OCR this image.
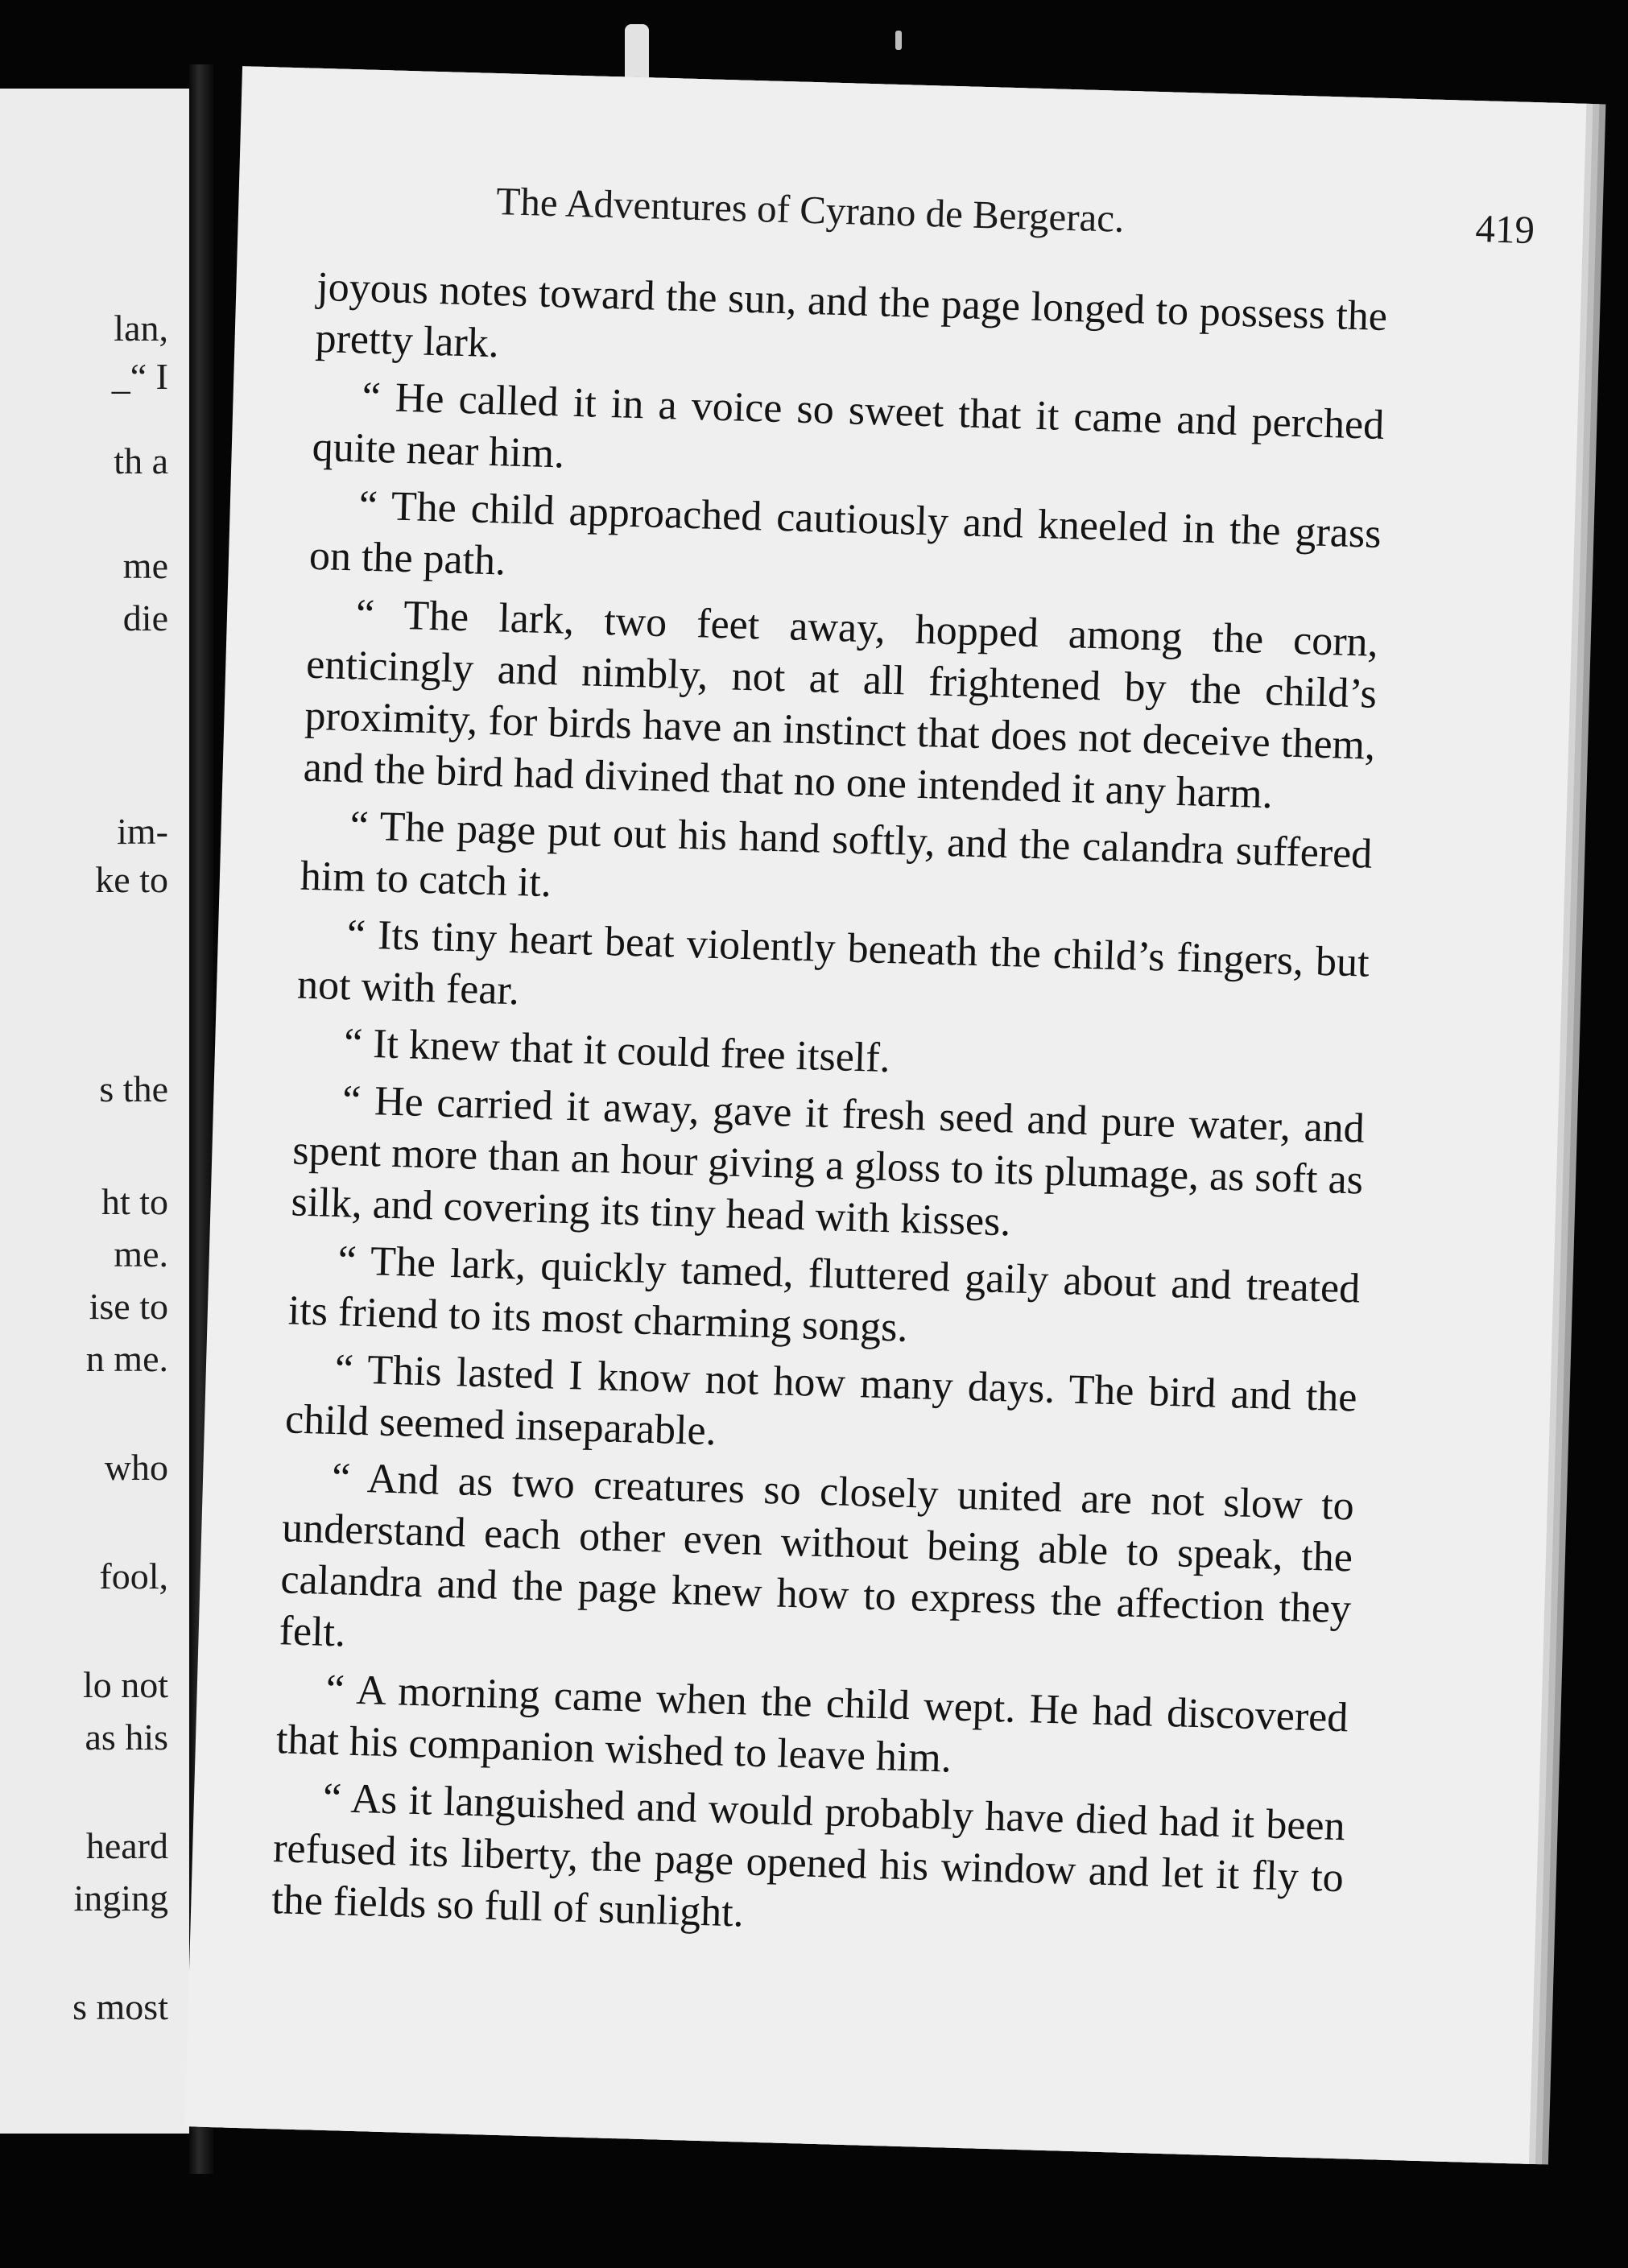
lan,

_“ I

th a

me

die

im-

ke to

s the

ht to

me.

ise to

n me.

who

fool,

lo not

as his

heard

inging

s most

The Adventures of Cyrano de Bergerac.	419

joyous notes toward the sun, and the page longed to possess the pretty lark.

“ He called it in a voice so sweet that it came and perched quite near him.

“ The child approached cautiously and kneeled in the grass on the path.

“ The lark, two feet away, hopped among the corn, enticingly and nimbly, not at all frightened by the child’s proximity, for birds have an instinct that does not deceive them, and the bird had divined that no one intended it any harm.

“ The page put out his hand softly, and the calandra suffered him to catch it.

“ Its tiny heart beat violently beneath the child’s fingers, but not with fear.

“ It knew that it could free itself.

“ He carried it away, gave it fresh seed and pure water, and spent more than an hour giving a gloss to its plumage, as soft as silk, and covering its tiny head with kisses.

“ The lark, quickly tamed, fluttered gaily about and treated its friend to its most charming songs.

“ This lasted I know not how many days. The bird and the child seemed inseparable.

“ And as two creatures so closely united are not slow to understand each other even without being able to speak, the calandra and the page knew how to express the affection they felt.

“ A morning came when the child wept. He had discovered that his companion wished to leave him.

“ As it languished and would probably have died had it been refused its liberty, the page opened his window and let it fly to the fields so full of sunlight.
